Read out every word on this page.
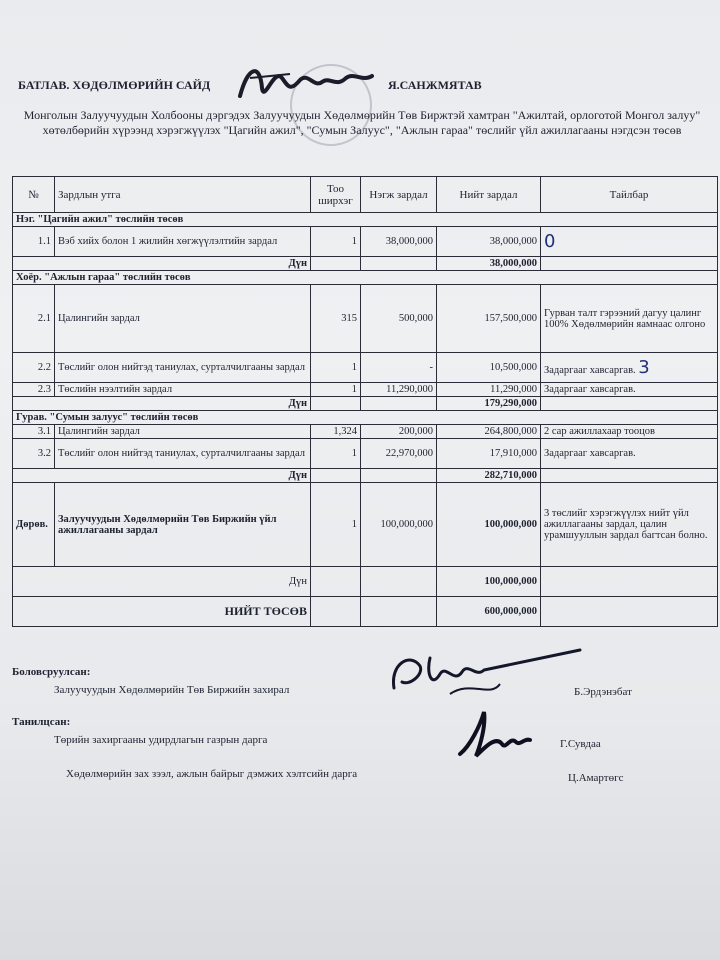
БАТЛАВ. ХӨДӨЛМӨРИЙН САЙД	Я.САНЖМЯТАВ
Монголын Залуучуудын Холбооны дэргэдэх Залуучуудын Хөдөлмөрийн Төв Биржтэй хамтран "Ажилтай, орлоготой Монгол залуу" хөтөлбөрийн хүрээнд хэрэгжүүлэх "Цагийн ажил", "Сумын Залуус", "Ажлын гараа" төслийг үйл ажиллагааны нэгдсэн төсөв
№	Зардлын утга	Тоо ширхэг	Нэгж зардал	Нийт зардал	Тайлбар
Нэг. "Цагийн ажил" төслийн төсөв					
1.1	Вэб хийх болон 1 жилийн хөгжүүлэлтийн зардал	1	38,000,000	38,000,000	0
Дүн				38,000,000	
Хоёр. "Ажлын гараа" төслийн төсөв					
2.1	Цалингийн зардал	315	500,000	157,500,000	Гурван талт гэрээний дагуу цалинг 100% Хөдөлмөрийн яамнаас олгоно
2.2	Төслийг олон нийтэд таниулах, сурталчилгааны зардал	1	-	10,500,000	Задаргааг хавсаргав. 3
2.3	Төслийн нээлтийн зардал	1	11,290,000	11,290,000	Задаргааг хавсаргав.
Дүн				179,290,000	
Гурав. "Сумын залуус" төслийн төсөв					
3.1	Цалингийн зардал	1,324	200,000	264,800,000	2 сар ажиллахаар тооцов
3.2	Төслийг олон нийтэд таниулах, сурталчилгааны зардал	1	22,970,000	17,910,000	Задаргааг хавсаргав.
Дүн				282,710,000	
Дөрөв.	Залуучуудын Хөдөлмөрийн Төв Биржийн үйл ажиллагааны зардал	1	100,000,000	100,000,000	3 төслийг хэрэгжүүлэх нийт үйл ажиллагааны зардал, цалин урамшууллын зардал багтсан болно.
Дүн				100,000,000	
НИЙТ ТӨСӨВ				600,000,000	
Боловсруулсан:
Залуучуудын Хөдөлмөрийн Төв Биржийн захирал	Б.Эрдэнэбат
Танилцсан:
Төрийн захиргааны удирдлагын газрын дарга	Г.Сувдаа
Хөдөлмөрийн зах зээл, ажлын байрыг дэмжих хэлтсийн дарга	Ц.Амартөгс
